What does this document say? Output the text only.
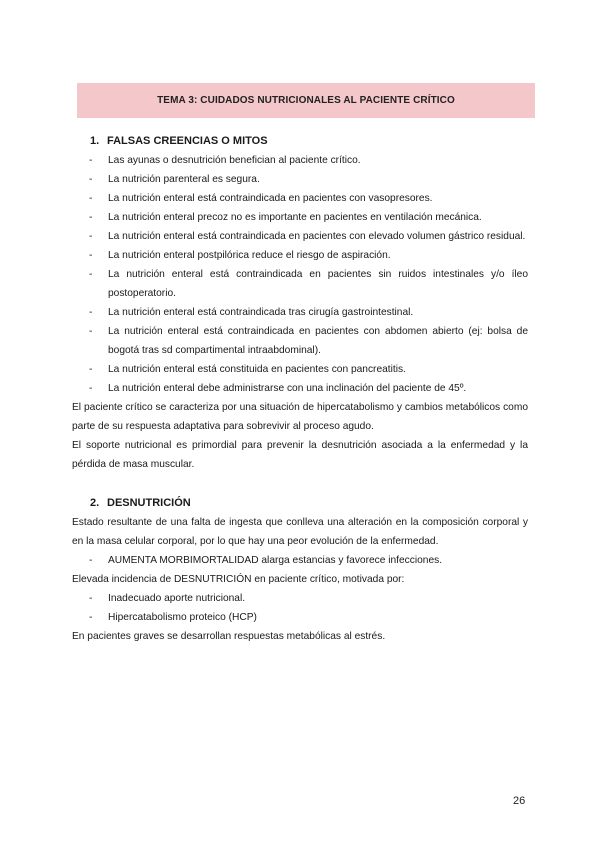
TEMA 3: CUIDADOS NUTRICIONALES AL PACIENTE CRÍTICO
1. FALSAS CREENCIAS O MITOS
- Las ayunas o desnutrición benefician al paciente crítico.
- La nutrición parenteral es segura.
- La nutrición enteral está contraindicada en pacientes con vasopresores.
- La nutrición enteral precoz no es importante en pacientes en ventilación mecánica.
- La nutrición enteral está contraindicada en pacientes con elevado volumen gástrico residual.
- La nutrición enteral postpilórica reduce el riesgo de aspiración.
- La nutrición enteral está contraindicada en pacientes sin ruidos intestinales y/o íleo postoperatorio.
- La nutrición enteral está contraindicada tras cirugía gastrointestinal.
- La nutrición enteral está contraindicada en pacientes con abdomen abierto (ej: bolsa de bogotá tras sd compartimental intraabdominal).
- La nutrición enteral está constituida en pacientes con pancreatitis.
- La nutrición enteral debe administrarse con una inclinación del paciente de 45º.

El paciente crítico se caracteriza por una situación de hipercatabolismo y cambios metabólicos como parte de su respuesta adaptativa para sobrevivir al proceso agudo.

El soporte nutricional es primordial para prevenir la desnutrición asociada a la enfermedad y la pérdida de masa muscular.

2. DESNUTRICIÓN

Estado resultante de una falta de ingesta que conlleva una alteración en la composición corporal y en la masa celular corporal, por lo que hay una peor evolución de la enfermedad.

- AUMENTA MORBIMORTALIDAD alarga estancias y favorece infecciones.

Elevada incidencia de DESNUTRICIÓN en paciente crítico, motivada por:

- Inadecuado aporte nutricional.
- Hipercatabolismo proteico (HCP)

En pacientes graves se desarrollan respuestas metabólicas al estrés.

26
